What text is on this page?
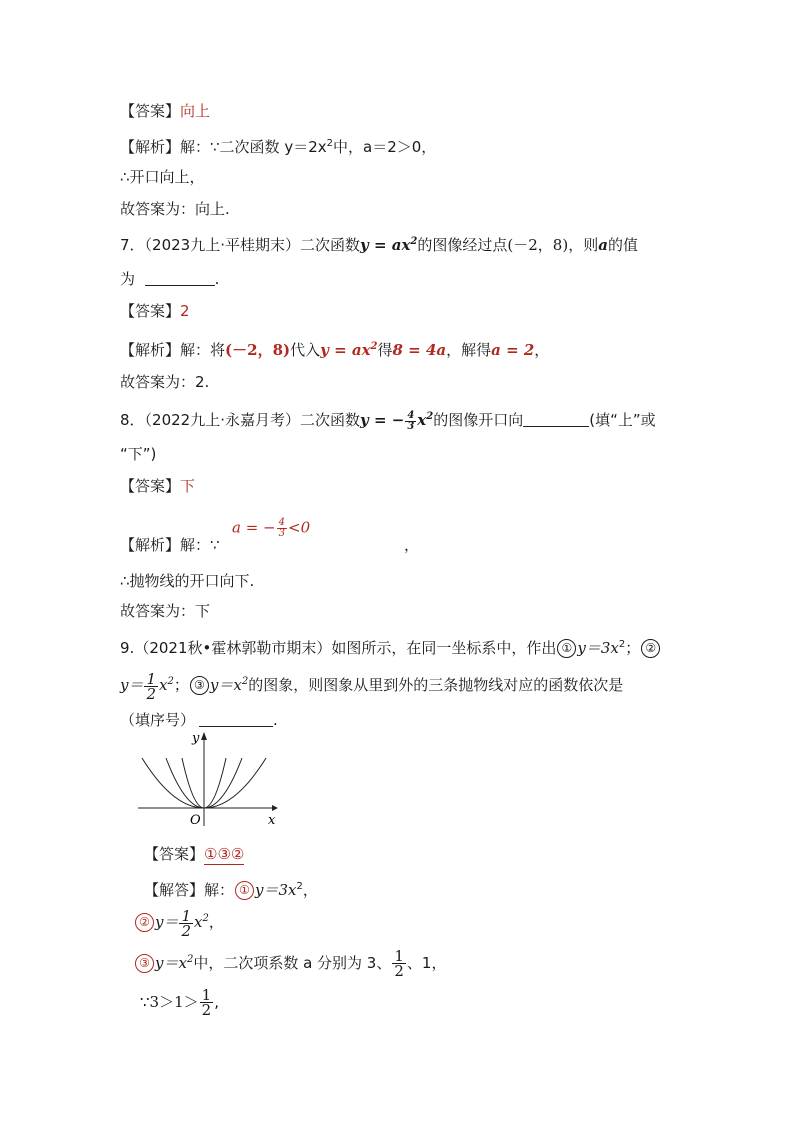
【答案】向上
【解析】解：∵二次函数 $y=2x^2$中，a＝2＞0，
∴开口向上，
故答案为：向上.
7．（2023九上·平桂期末）二次函数$y = ax^2$的图像经过点(－2，8)，则a的值
为	.
【答案】2
【解析】解：将(－2，8)代入$y = ax^2$得8 = 4a，解得a = 2，
故答案为：2.
8．（2022九上·永嘉月考）二次函数y = − $\frac{4}{3} x^2$的图像开口向	(填“上”或
“下”)
【答案】下
【解析】解：∵
a = − $\frac{4}{3} <0$
，
∴抛物线的开口向下.
故答案为：下
9.（2021秋•霍林郭勒市期末）如图所示，在同一坐标系中，作出 ① $y=3x^2$； ②
$y= \frac{1}{2} x^2$； ③ $y=x^2$的图象，则图象从里到外的三条抛物线对应的函数依次是
（填序号）	.
y
x
O
【答案】①③②
【解答】解： ① $y=3x^2$，
② $y= \frac{1}{2} x^2$，
③ $y=x^2$中，二次项系数 a 分别为 3、 $\frac{1}{2}$ 、1，
∵3＞1＞ $\frac{1}{2}$ ,
